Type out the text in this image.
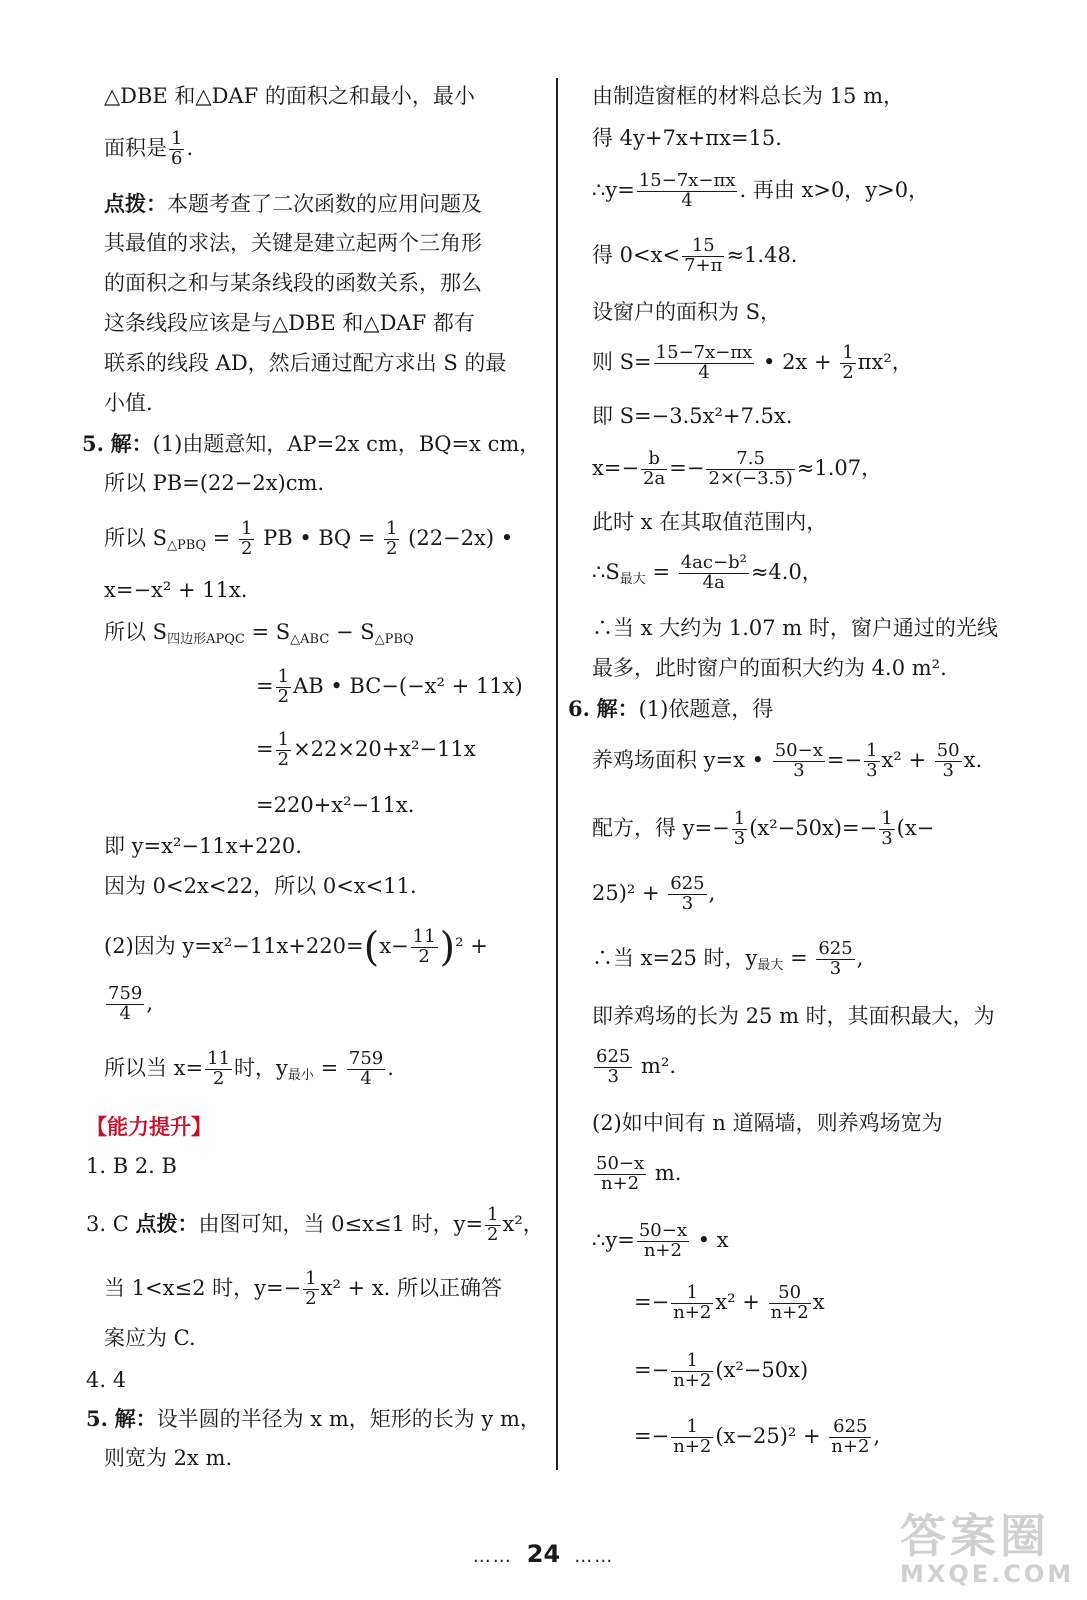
△DBE 和△DAF 的面积之和最小，最小
面积是 $\frac{1}{6}$ .
点拨：本题考查了二次函数的应用问题及
其最值的求法，关键是建立起两个三角形
的面积之和与某条线段的函数关系，那么
这条线段应该是与△DBE 和△DAF 都有
联系的线段 AD，然后通过配方求出 S 的最
小值.
5. 解：(1)由题意知，AP=2x cm，BQ=x cm，
所以 PB=(22−2x)cm.
所以 $S_{\triangle PBQ} = \frac{1}{2}$ PB • BQ = $\frac{1}{2} (22-2x)$ •
x=−x² + 11x.
所以 $S_{四边形APQC} = S_{\triangle ABC} - S_{\triangle PBQ}$
= $\frac{1}{2}$ AB • BC−(−x² + 11x)
= $\frac{1}{2} \times 22\times 20+x^2-11x$
=220+x²−11x.
即 y=x²−11x+220.
因为 0<2x<22，所以 0<x<11.
(2)因为 $y=x^2-11x+220=(x- \frac{11}{2} )^2$ +
$\frac{759}{4}$ ,
所以当 $x= \frac{11}{2}$ 时，$y_{最小} = \frac{759}{4}$ .
【能力提升】
1. B 2. B
3. C 点拨：由图可知，当 0≤x≤1 时，$y= \frac{1}{2} x^2$，
当 1<x≤2 时，$y=- \frac{1}{2} x^2 + x$. 所以正确答
案应为 C.
4. 4
5. 解：设半圆的半径为 x m，矩形的长为 y m，
则宽为 2x m.
由制造窗框的材料总长为 15 m，
得 4y+7x+πx=15.
∴y= $\frac{15-7x-\pi x}{4}$ . 再由 x>0，y>0，
得 $0<x< \frac{15}{7+\pi} \approx 1.48$.
设窗户的面积为 S，
则 $S= \frac{15-7x-\pi x}{4}$ • $2x + \frac{1}{2} \pi x^2$，
即 S=−3.5x²+7.5x.
$x=- \frac{b}{2a} =- \frac{7.5}{2\times(-3.5)} \approx 1.07$，
此时 x 在其取值范围内，
$\therefore S_{最大} = \frac{\text{4ac−b²}}{4a} \approx 4.0$，
∴当 x 大约为 1.07 m 时，窗户通过的光线
最多，此时窗户的面积大约为 4.0 m².
6. 解：(1)依题意，得
养鸡场面积 y=x • $\frac{50-x}{3} =- \frac{1}{3} x^2 + \frac{50}{3} x$.
配方，得 $y=- \frac{1}{3} (x^2-50x)=- \frac{1}{3} (x-$
$25)^2 + \frac{625}{3}$ ,
∴当 x=25 时，$y_{最大} = \frac{625}{3}$ ,
即养鸡场的长为 25 m 时，其面积最大，为
$\frac{625}{3} m^2$.
(2)如中间有 n 道隔墙，则养鸡场宽为
$\frac{50-x}{n+2} m$.
∴y= $\frac{50-x}{n+2}$ • x
=− $\frac{1}{n+2} x^2 + \frac{50}{n+2}$ x
=− $\frac{1}{n+2} (x^2-50x)$
=− $\frac{1}{n+2} (x-25)^2 + \frac{625}{n+2}$ ,
…… 24 ……	答案圈
MXQE.COM
